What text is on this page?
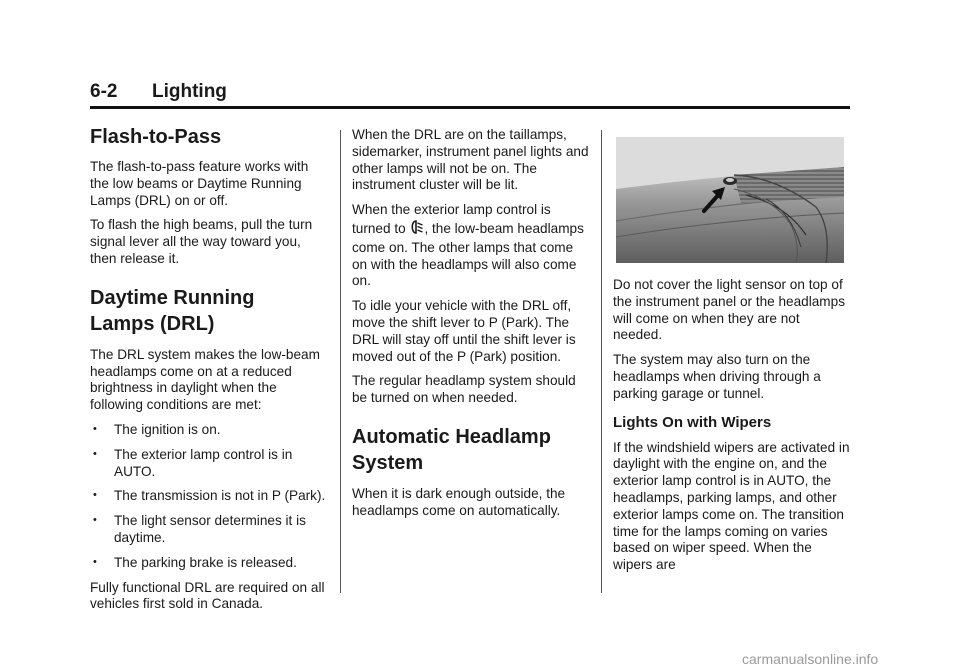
6-2 Lighting
Flash-to-Pass

The flash-to-pass feature works with the low beams or Daytime Running Lamps (DRL) on or off.

To flash the high beams, pull the turn signal lever all the way toward you, then release it.

Daytime Running
Lamps (DRL)

The DRL system makes the low-beam headlamps come on at a reduced brightness in daylight when the following conditions are met:

• The ignition is on.
• The exterior lamp control is in AUTO.
• The transmission is not in P (Park).
• The light sensor determines it is daytime.
• The parking brake is released.

Fully functional DRL are required on all vehicles first sold in Canada.

When the DRL are on the taillamps, sidemarker, instrument panel lights and other lamps will not be on. The instrument cluster will be lit.

When the exterior lamp control is turned to , the low-beam headlamps come on. The other lamps that come on with the headlamps will also come on.

To idle your vehicle with the DRL off, move the shift lever to P (Park). The DRL will stay off until the shift lever is moved out of the P (Park) position.

The regular headlamp system should be turned on when needed.

Automatic Headlamp
System

When it is dark enough outside, the headlamps come on automatically.

Do not cover the light sensor on top of the instrument panel or the headlamps will come on when they are not needed.

The system may also turn on the headlamps when driving through a parking garage or tunnel.

Lights On with Wipers

If the windshield wipers are activated in daylight with the engine on, and the exterior lamp control is in AUTO, the headlamps, parking lamps, and other exterior lamps come on. The transition time for the lamps coming on varies based on wiper speed. When the wipers are

carmanualsonline.info
